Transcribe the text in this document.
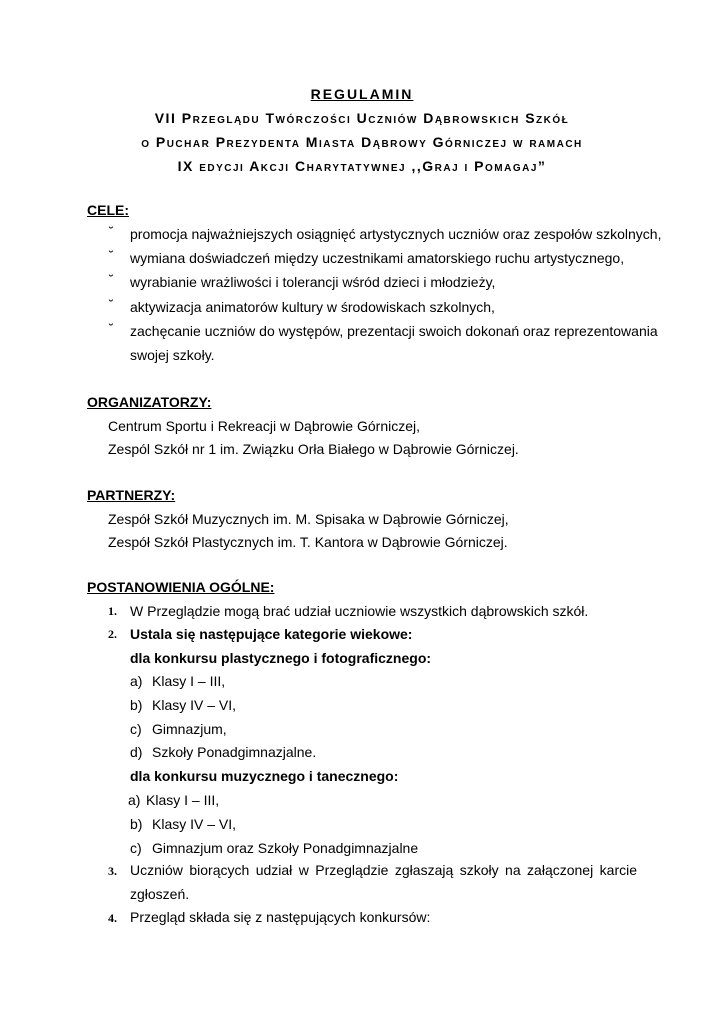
REGULAMIN
VII Przeglądu Twórczości Uczniów Dąbrowskich Szkół
o Puchar Prezydenta Miasta Dąbrowy Górniczej w ramach
IX edycji Akcji Charytatywnej ,,Graj i Pomagaj”
CELE:
˘ promocja najważniejszych osiągnięć artystycznych uczniów oraz zespołów szkolnych,
˘ wymiana doświadczeń między uczestnikami amatorskiego ruchu artystycznego,
˘ wyrabianie wrażliwości i tolerancji wśród dzieci i młodzieży,
˘ aktywizacja animatorów kultury w środowiskach szkolnych,
˘ zachęcanie uczniów do występów, prezentacji swoich dokonań oraz reprezentowania
swojej szkoły.
ORGANIZATORZY:
Centrum Sportu i Rekreacji w Dąbrowie Górniczej,
Zespól Szkół nr 1 im. Związku Orła Białego w Dąbrowie Górniczej.
PARTNERZY:
Zespół Szkół Muzycznych im. M. Spisaka w Dąbrowie Górniczej,
Zespół Szkół Plastycznych im. T. Kantora w Dąbrowie Górniczej.
POSTANOWIENIA OGÓLNE:
1. W Przeglądzie mogą brać udział uczniowie wszystkich dąbrowskich szkół.
2. Ustala się następujące kategorie wiekowe:
dla konkursu plastycznego i fotograficznego:
a) Klasy I – III,
b) Klasy IV – VI,
c) Gimnazjum,
d) Szkoły Ponadgimnazjalne.
dla konkursu muzycznego i tanecznego:
a) Klasy I – III,
b) Klasy IV – VI,
c) Gimnazjum oraz Szkoły Ponadgimnazjalne
3. Uczniów biorących udział w Przeglądzie zgłaszają szkoły na załączonej karcie
zgłoszeń.
4. Przegląd składa się z następujących konkursów:
